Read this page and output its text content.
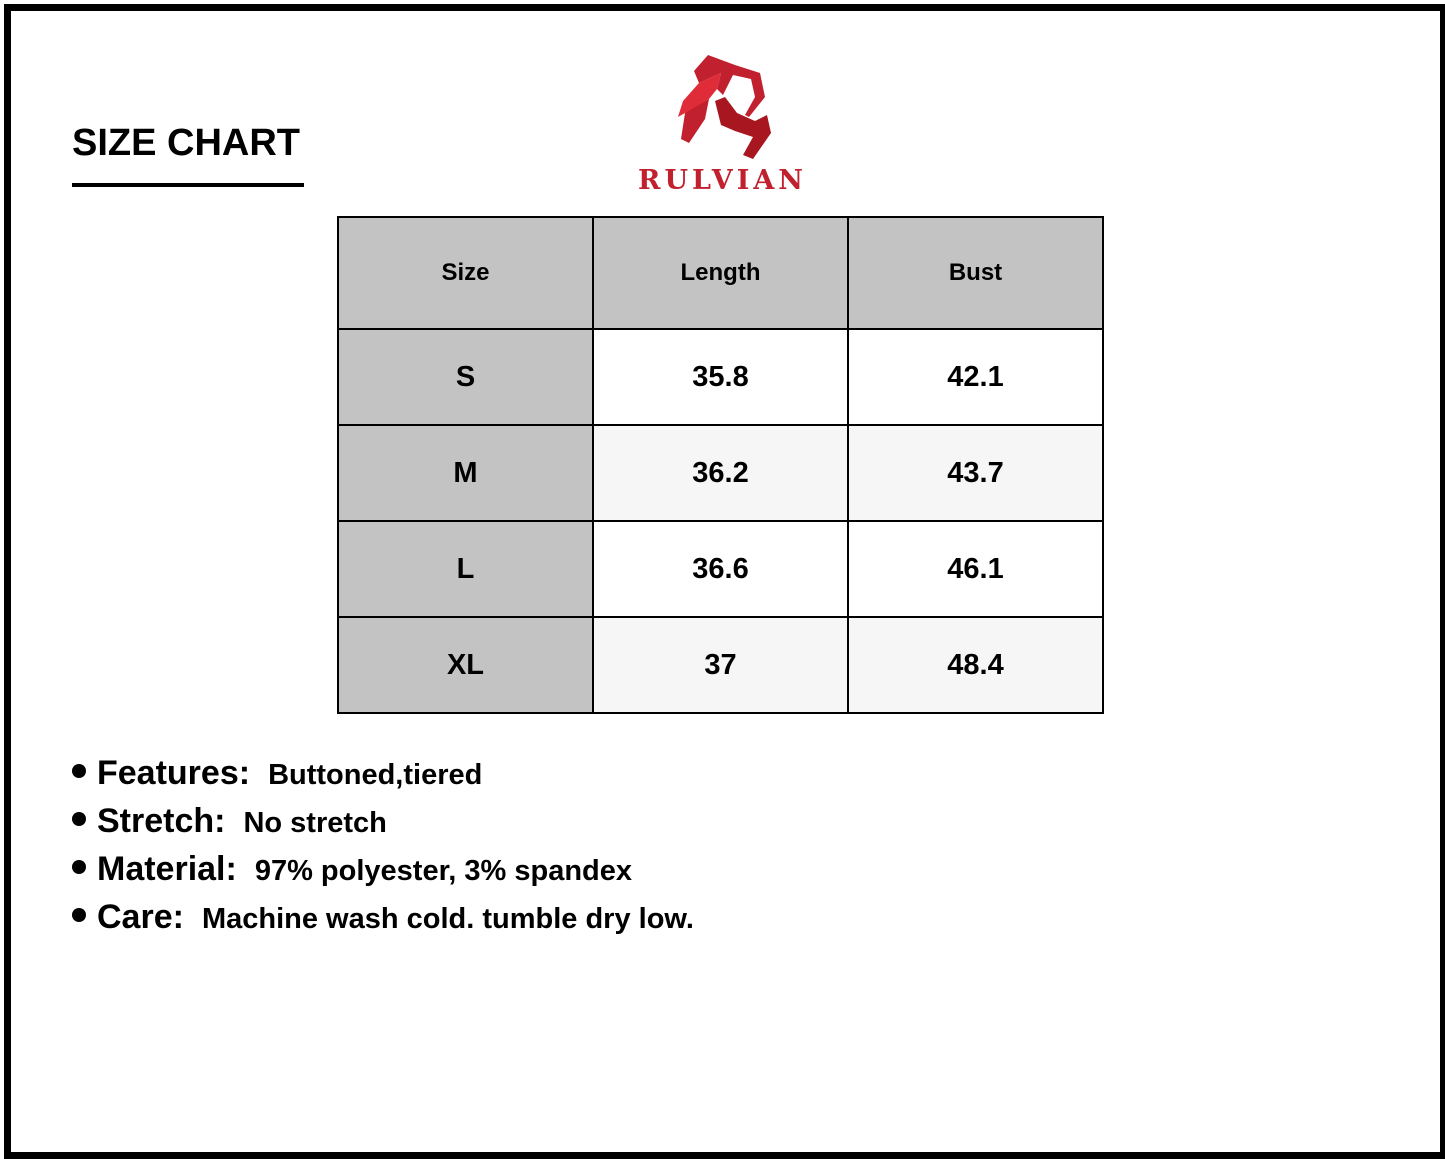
SIZE CHART
RULVIAN
Size	Length	Bust
S	35.8	42.1
M	36.2	43.7
L	36.6	46.1
XL	37	48.4
Features: Buttoned,tiered
Stretch: No stretch
Material: 97% polyester, 3% spandex
Care: Machine wash cold. tumble dry low.
